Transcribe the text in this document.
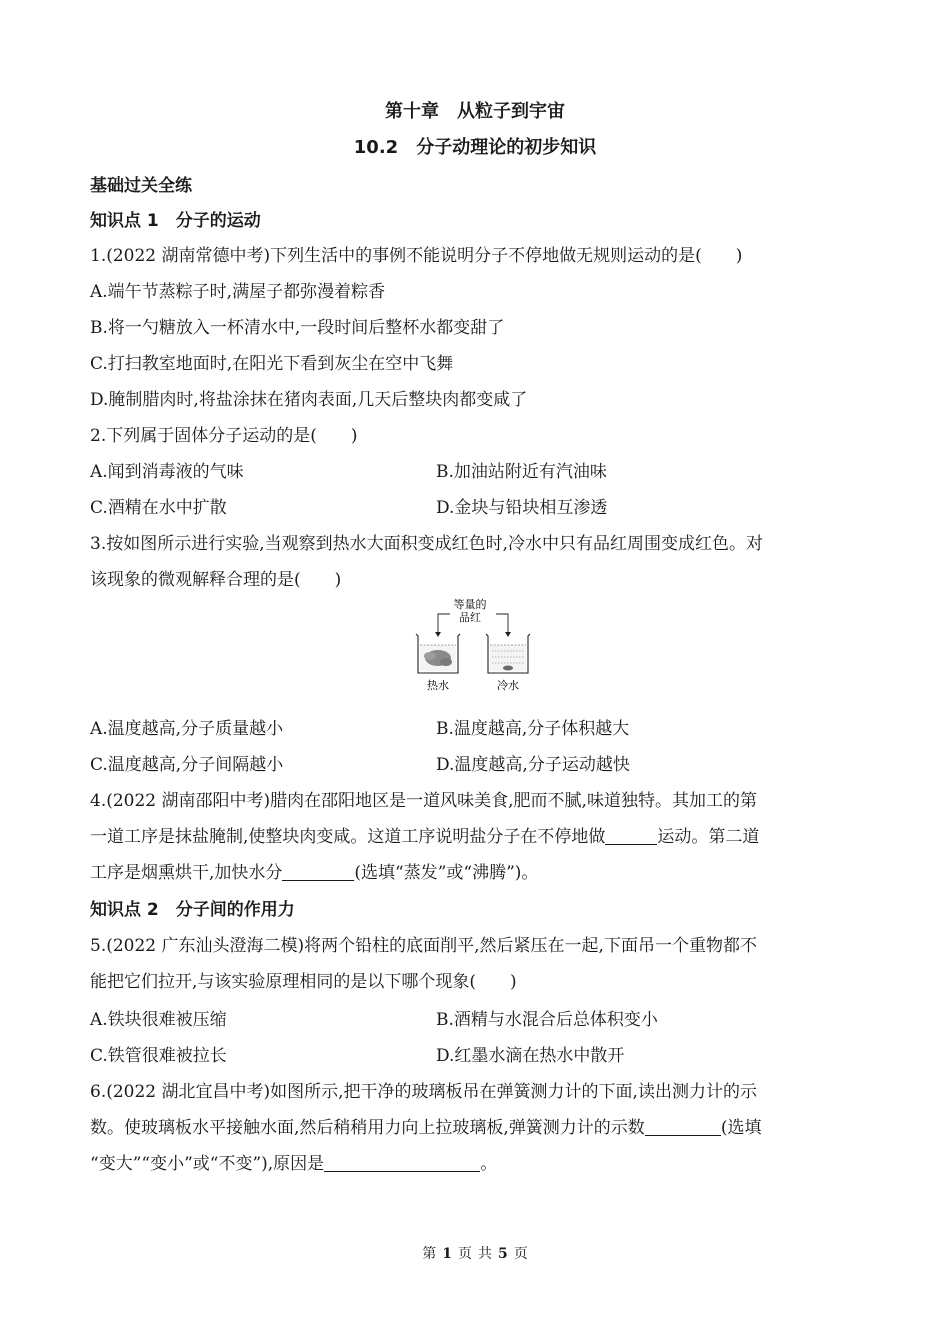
第十章　从粒子到宇宙
10.2　分子动理论的初步知识
基础过关全练
知识点 1　分子的运动
1.(2022 湖南常德中考)下列生活中的事例不能说明分子不停地做无规则运动的是(　　)
A.端午节蒸粽子时,满屋子都弥漫着粽香
B.将一勺糖放入一杯清水中,一段时间后整杯水都变甜了
C.打扫教室地面时,在阳光下看到灰尘在空中飞舞
D.腌制腊肉时,将盐涂抹在猪肉表面,几天后整块肉都变咸了
2.下列属于固体分子运动的是(　　)
A.闻到消毒液的气味	B.加油站附近有汽油味
C.酒精在水中扩散	D.金块与铅块相互渗透
3.按如图所示进行实验,当观察到热水大面积变成红色时,冷水中只有品红周围变成红色。对
该现象的微观解释合理的是(　　)
等量的
品红
热水	冷水
A.温度越高,分子质量越小	B.温度越高,分子体积越大
C.温度越高,分子间隔越小	D.温度越高,分子运动越快
4.(2022 湖南邵阳中考)腊肉在邵阳地区是一道风味美食,肥而不腻,味道独特。其加工的第
一道工序是抹盐腌制,使整块肉变咸。这道工序说明盐分子在不停地做	运动。第二道
工序是烟熏烘干,加快水分	(选填“蒸发”或“沸腾”)。
知识点 2　分子间的作用力
5.(2022 广东汕头澄海二模)将两个铅柱的底面削平,然后紧压在一起,下面吊一个重物都不
能把它们拉开,与该实验原理相同的是以下哪个现象(　　)
A.铁块很难被压缩	B.酒精与水混合后总体积变小
C.铁管很难被拉长	D.红墨水滴在热水中散开
6.(2022 湖北宜昌中考)如图所示,把干净的玻璃板吊在弹簧测力计的下面,读出测力计的示
数。使玻璃板水平接触水面,然后稍稍用力向上拉玻璃板,弹簧测力计的示数	(选填
“变大”“变小”或“不变”),原因是	。
第 1 页 共 5 页
